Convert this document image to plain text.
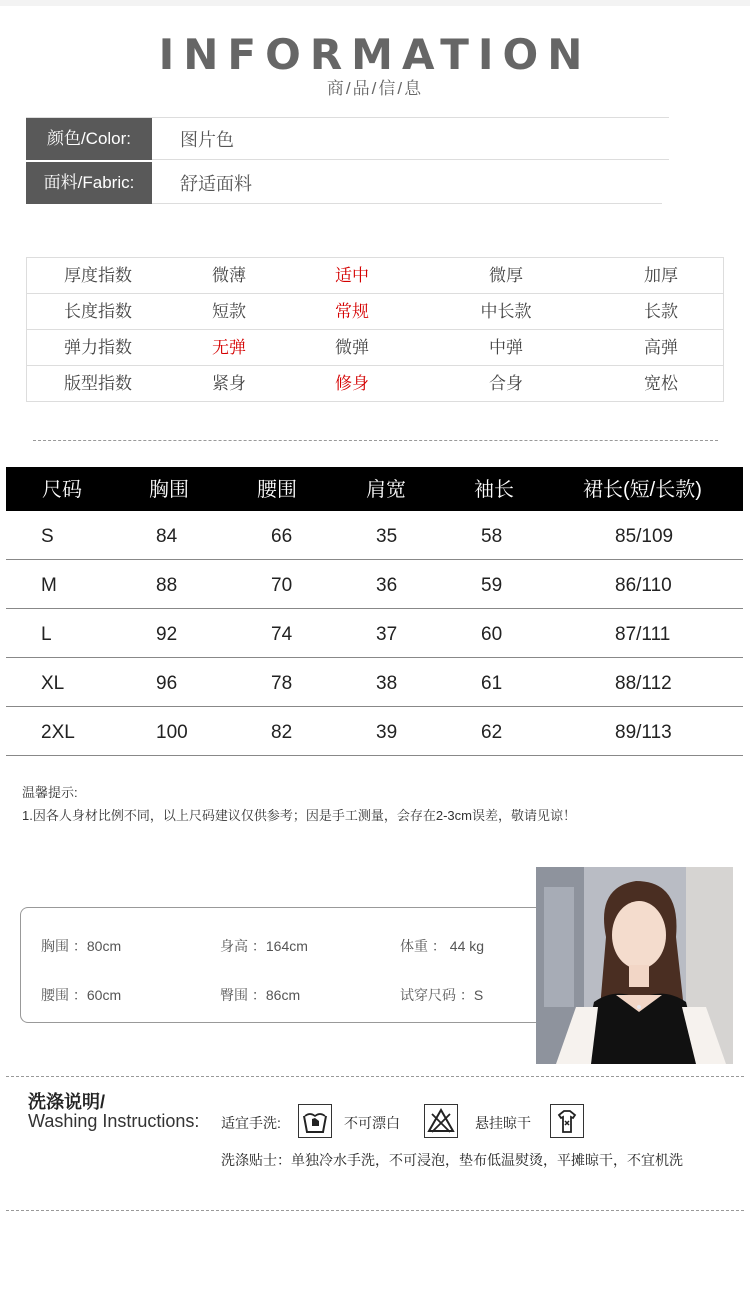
INFORMATION
商/品/信/息
颜色/Color:	图片色
面料/Fabric:	舒适面料
厚度指数	微薄	适中	微厚	加厚
长度指数	短款	常规	中长款	长款
弹力指数	无弹	微弹	中弹	高弹
版型指数	紧身	修身	合身	宽松
尺码	胸围	腰围	肩宽	袖长	裙长(短/长款)
S	84	66	35	58	85/109
M	88	70	36	59	86/110
L	92	74	37	60	87/111
XL	96	78	38	61	88/112
2XL	100	82	39	62	89/113
温馨提示:
1.因各人身材比例不同，以上尺码建议仅供参考；因是手工测量，会存在2-3cm误差，敬请见谅！
胸围 ：80cm	身高 ：164cm	体重 ： 44 kg
腰围 ：60cm	臀围 ：86cm	试穿尺码 ：S
洗涤说明/
Washing Instructions: 适宜手洗:	不可漂白	悬挂晾干
洗涤贴士：单独冷水手洗，不可浸泡，垫布低温熨烫，平摊晾干，不宜机洗
